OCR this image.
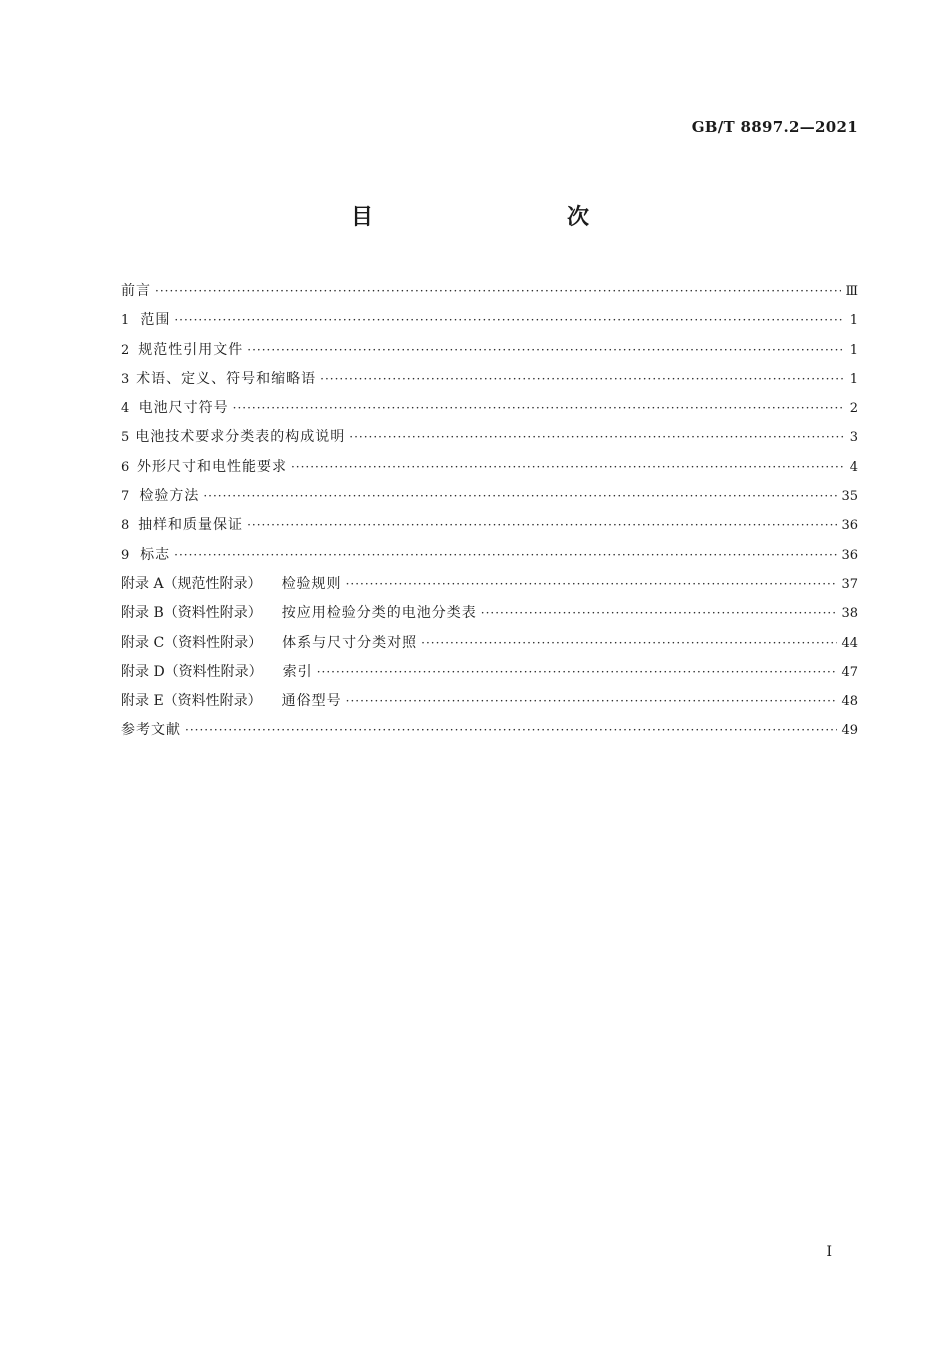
GB/T 8897.2—2021
目　　次
前言 ·····	Ⅲ
1 范围 ·····	1
2 规范性引用文件 ·····	1
3 术语、定义、符号和缩略语 ·····	1
4 电池尺寸符号 ·····	2
5 电池技术要求分类表的构成说明 ·····	3
6 外形尺寸和电性能要求 ·····	4
7 检验方法 ·····	35
8 抽样和质量保证 ·····	36
9 标志 ·····	36
附录 A（规范性附录） 检验规则 ·····	37
附录 B（资料性附录） 按应用检验分类的电池分类表 ·····	38
附录 C（资料性附录） 体系与尺寸分类对照 ·····	44
附录 D（资料性附录） 索引 ·····	47
附录 E（资料性附录） 通俗型号 ·····	48
参考文献 ·····	49
I
